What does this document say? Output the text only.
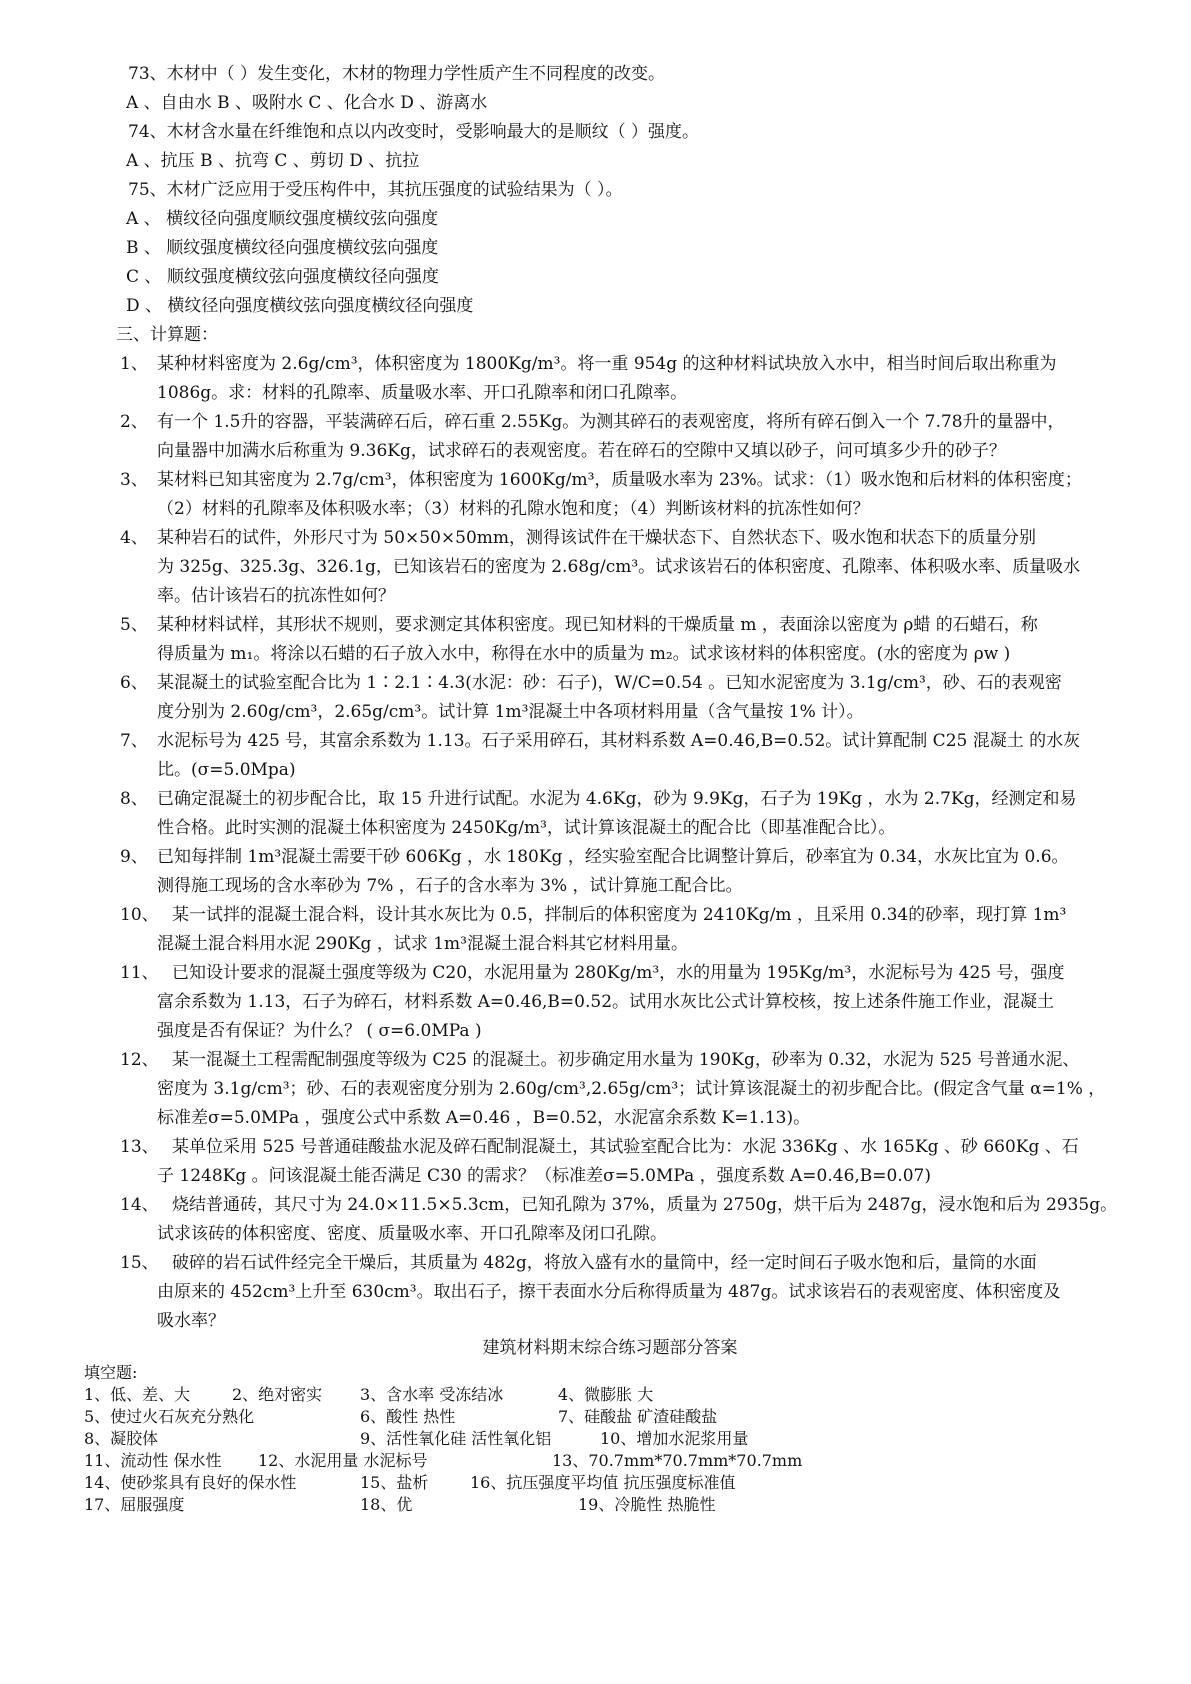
73、木材中（ ）发生变化，木材的物理力学性质产生不同程度的改变。
A 、自由水 B 、吸附水 C 、化合水 D 、游离水
74、木材含水量在纤维饱和点以内改变时，受影响最大的是顺纹（ ）强度。
A 、抗压 B 、抗弯 C 、剪切 D 、抗拉
75、木材广泛应用于受压构件中，其抗压强度的试验结果为（ ）。
A 、 横纹径向强度顺纹强度横纹弦向强度
B 、 顺纹强度横纹径向强度横纹弦向强度
C 、 顺纹强度横纹弦向强度横纹径向强度
D 、 横纹径向强度横纹弦向强度横纹径向强度
三、计算题：
1、 某种材料密度为 2.6g/cm³，体积密度为 1800Kg/m³。将一重 954g 的这种材料试块放入水中，相当时间后取出称重为
1086g。求：材料的孔隙率、质量吸水率、开口孔隙率和闭口孔隙率。
2、 有一个 1.5升的容器，平装满碎石后，碎石重 2.55Kg。为测其碎石的表观密度，将所有碎石倒入一个 7.78升的量器中，
向量器中加满水后称重为 9.36Kg，试求碎石的表观密度。若在碎石的空隙中又填以砂子，问可填多少升的砂子？
3、 某材料已知其密度为 2.7g/cm³，体积密度为 1600Kg/m³，质量吸水率为 23%。试求：（1）吸水饱和后材料的体积密度；
（2）材料的孔隙率及体积吸水率；（3）材料的孔隙水饱和度；（4）判断该材料的抗冻性如何？
4、 某种岩石的试件，外形尺寸为 50×50×50mm，测得该试件在干燥状态下、自然状态下、吸水饱和状态下的质量分别
为 325g、325.3g、326.1g，已知该岩石的密度为 2.68g/cm³。试求该岩石的体积密度、孔隙率、体积吸水率、质量吸水
率。估计该岩石的抗冻性如何？
5、 某种材料试样，其形状不规则，要求测定其体积密度。现已知材料的干燥质量 m ，表面涂以密度为 ρ蜡 的石蜡石，称
得质量为 m₁。将涂以石蜡的石子放入水中，称得在水中的质量为 m₂。试求该材料的体积密度。(水的密度为 ρw )
6、 某混凝土的试验室配合比为 1∶2.1∶4.3(水泥：砂：石子)，W/C=0.54 。已知水泥密度为 3.1g/cm³，砂、石的表观密
度分别为 2.60g/cm³，2.65g/cm³。试计算 1m³混凝土中各项材料用量（含气量按 1% 计）。
7、 水泥标号为 425 号，其富余系数为 1.13。石子采用碎石，其材料系数 A=0.46,B=0.52。试计算配制 C25 混凝土 的水灰
比。(σ=5.0Mpa)
8、 已确定混凝土的初步配合比，取 15 升进行试配。水泥为 4.6Kg，砂为 9.9Kg，石子为 19Kg ，水为 2.7Kg，经测定和易
性合格。此时实测的混凝土体积密度为 2450Kg/m³，试计算该混凝土的配合比（即基准配合比）。
9、 已知每拌制 1m³混凝土需要干砂 606Kg ，水 180Kg ，经实验室配合比调整计算后，砂率宜为 0.34，水灰比宜为 0.6。
测得施工现场的含水率砂为 7% ，石子的含水率为 3% ，试计算施工配合比。
10、 某一试拌的混凝土混合料，设计其水灰比为 0.5，拌制后的体积密度为 2410Kg/m ，且采用 0.34的砂率，现打算 1m³
混凝土混合料用水泥 290Kg ，试求 1m³混凝土混合料其它材料用量。
11、 已知设计要求的混凝土强度等级为 C20，水泥用量为 280Kg/m³，水的用量为 195Kg/m³，水泥标号为 425 号，强度
富余系数为 1.13，石子为碎石，材料系数 A=0.46,B=0.52。试用水灰比公式计算校核，按上述条件施工作业，混凝土
强度是否有保证？为什么？ ( σ=6.0MPa )
12、 某一混凝土工程需配制强度等级为 C25 的混凝土。初步确定用水量为 190Kg，砂率为 0.32，水泥为 525 号普通水泥、
密度为 3.1g/cm³；砂、石的表观密度分别为 2.60g/cm³,2.65g/cm³；试计算该混凝土的初步配合比。(假定含气量 α=1% ，
标准差σ=5.0MPa ，强度公式中系数 A=0.46 ，B=0.52，水泥富余系数 K=1.13)。
13、 某单位采用 525 号普通硅酸盐水泥及碎石配制混凝土，其试验室配合比为：水泥 336Kg 、水 165Kg 、砂 660Kg 、石
子 1248Kg 。问该混凝土能否满足 C30 的需求？（标准差σ=5.0MPa ，强度系数 A=0.46,B=0.07)
14、 烧结普通砖，其尺寸为 24.0×11.5×5.3cm，已知孔隙为 37%，质量为 2750g，烘干后为 2487g，浸水饱和后为 2935g。
试求该砖的体积密度、密度、质量吸水率、开口孔隙率及闭口孔隙。
15、 破碎的岩石试件经完全干燥后，其质量为 482g，将放入盛有水的量筒中，经一定时间石子吸水饱和后，量筒的水面
由原来的 452cm³上升至 630cm³。取出石子，擦干表面水分后称得质量为 487g。试求该岩石的表观密度、体积密度及
吸水率？
建筑材料期末综合练习题部分答案
填空题:
1、低、差、大	2、绝对密实 3、含水率 受冻结冰	4、微膨胀 大
5、使过火石灰充分熟化	6、酸性 热性	7、硅酸盐 矿渣硅酸盐
8、凝胶体	9、活性氧化硅 活性氧化铝	10、增加水泥浆用量
11、流动性 保水性 12、水泥用量 水泥标号	13、70.7mm*70.7mm*70.7mm
14、使砂浆具有良好的保水性	15、盐析	16、抗压强度平均值 抗压强度标准值
17、屈服强度	18、优	19、冷脆性 热脆性
